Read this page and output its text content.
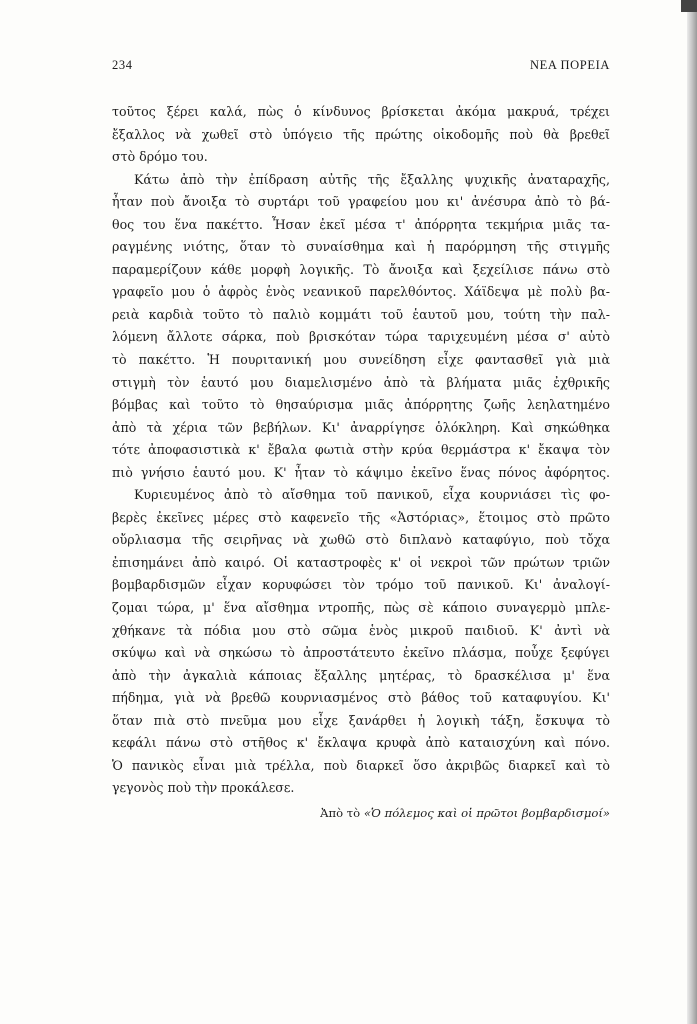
234	ΝΕΑ ΠΟΡΕΙΑ
τοῦτος ξέρει καλά, πὼς ὁ κίνδυνος βρίσκεται ἀκόμα μακρυά, τρέχει
ἔξαλλος νὰ χωθεῖ στὸ ὑπόγειο τῆς πρώτης οἰκοδομῆς ποὺ θὰ βρεθεῖ
στὸ δρόμο του.
Κάτω ἀπὸ τὴν ἐπίδραση αὐτῆς τῆς ἔξαλλης ψυχικῆς ἀναταραχῆς,
ἦταν ποὺ ἄνοιξα τὸ συρτάρι τοῦ γραφείου μου κι' ἀνέσυρα ἀπὸ τὸ βά-
θος του ἕνα πακέττο. Ἦσαν ἐκεῖ μέσα τ' ἀπόρρητα τεκμήρια μιᾶς τα-
ραγμένης νιότης, ὅταν τὸ συναίσθημα καὶ ἡ παρόρμηση τῆς στιγμῆς
παραμερίζουν κάθε μορφὴ λογικῆς. Τὸ ἄνοιξα καὶ ξεχείλισε πάνω στὸ
γραφεῖο μου ὁ ἀφρὸς ἑνὸς νεανικοῦ παρελθόντος. Χάϊδεψα μὲ πολὺ βα-
ρειὰ καρδιὰ τοῦτο τὸ παλιὸ κομμάτι τοῦ ἑαυτοῦ μου, τούτη τὴν παλ-
λόμενη ἄλλοτε σάρκα, ποὺ βρισκόταν τώρα ταριχευμένη μέσα σ' αὐτὸ
τὸ πακέττο. Ἡ πουριτανική μου συνείδηση εἶχε φαντασθεῖ γιὰ μιὰ
στιγμὴ τὸν ἑαυτό μου διαμελισμένο ἀπὸ τὰ βλήματα μιᾶς ἐχθρικῆς
βόμβας καὶ τοῦτο τὸ θησαύρισμα μιᾶς ἀπόρρητης ζωῆς λεηλατημένο
ἀπὸ τὰ χέρια τῶν βεβήλων. Κι' ἀναρρίγησε ὁλόκληρη. Καὶ σηκώθηκα
τότε ἀποφασιστικὰ κ' ἔβαλα φωτιὰ στὴν κρύα θερμάστρα κ' ἔκαψα τὸν
πιὸ γνήσιο ἑαυτό μου. Κ' ἦταν τὸ κάψιμο ἐκεῖνο ἕνας πόνος ἀφόρητος.
Κυριευμένος ἀπὸ τὸ αἴσθημα τοῦ πανικοῦ, εἶχα κουρνιάσει τὶς φο-
βερὲς ἐκεῖνες μέρες στὸ καφενεῖο τῆς «Ἀστόριας», ἕτοιμος στὸ πρῶτο
οὔρλιασμα τῆς σειρῆνας νὰ χωθῶ στὸ διπλανὸ καταφύγιο, ποὺ τὄχα
ἐπισημάνει ἀπὸ καιρό. Οἱ καταστροφὲς κ' οἱ νεκροὶ τῶν πρώτων τριῶν
βομβαρδισμῶν εἶχαν κορυφώσει τὸν τρόμο τοῦ πανικοῦ. Κι' ἀναλογί-
ζομαι τώρα, μ' ἕνα αἴσθημα ντροπῆς, πὼς σὲ κάποιο συναγερμὸ μπλε-
χθήκανε τὰ πόδια μου στὸ σῶμα ἑνὸς μικροῦ παιδιοῦ. Κ' ἀντὶ νὰ
σκύψω καὶ νὰ σηκώσω τὸ ἀπροστάτευτο ἐκεῖνο πλάσμα, ποὖχε ξεφύγει
ἀπὸ τὴν ἀγκαλιὰ κάποιας ἔξαλλης μητέρας, τὸ δρασκέλισα μ' ἕνα
πήδημα, γιὰ νὰ βρεθῶ κουρνιασμένος στὸ βάθος τοῦ καταφυγίου. Κι'
ὅταν πιὰ στὸ πνεῦμα μου εἶχε ξανάρθει ἡ λογικὴ τάξη, ἔσκυψα τὸ
κεφάλι πάνω στὸ στῆθος κ' ἔκλαψα κρυφὰ ἀπὸ καταισχύνη καὶ πόνο.
Ὁ πανικὸς εἶναι μιὰ τρέλλα, ποὺ διαρκεῖ ὅσο ἀκριβῶς διαρκεῖ καὶ τὸ
γεγονὸς ποὺ τὴν προκάλεσε.
Ἀπὸ τὸ «Ὁ πόλεμος καὶ οἱ πρῶτοι βομβαρδισμοί»
